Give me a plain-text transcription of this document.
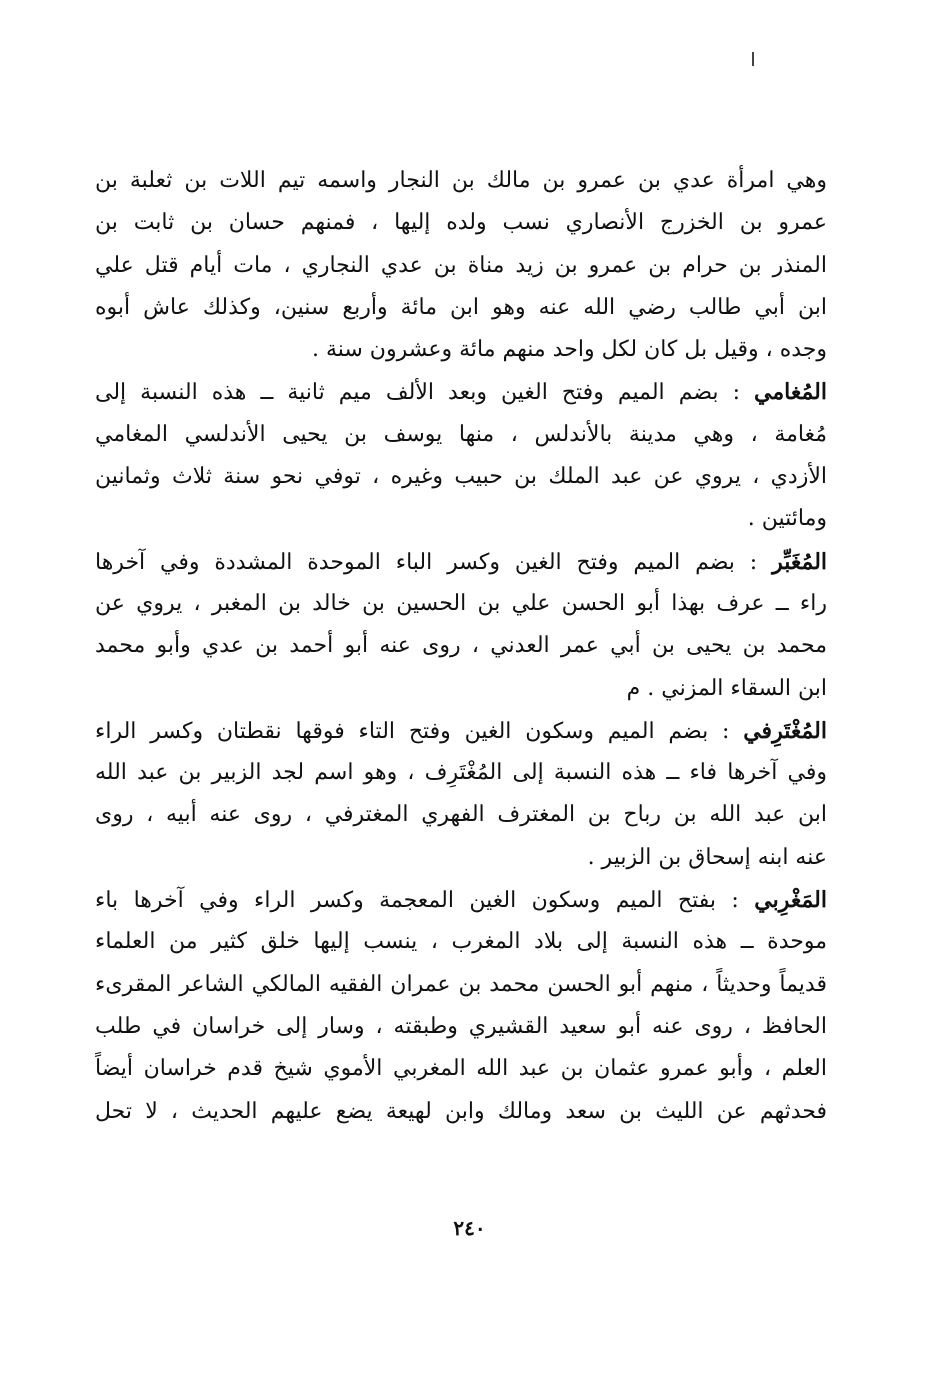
وهي امرأة عدي بن عمرو بن مالك بن النجار واسمه تيم اللات بن ثعلبة بن
عمرو بن الخزرج الأنصاري نسب ولده إليها ، فمنهم حسان بن ثابت بن
المنذر بن حرام بن عمرو بن زيد مناة بن عدي النجاري ، مات أيام قتل علي
ابن أبي طالب رضي الله عنه وهو ابن مائة وأربع سنين، وكذلك عاش أبوه
وجده ، وقيل بل كان لكل واحد منهم مائة وعشرون سنة .
المُغامي : بضم الميم وفتح الغين وبعد الألف ميم ثانية ــ هذه النسبة إلى
مُغامة ، وهي مدينة بالأندلس ، منها يوسف بن يحيى الأندلسي المغامي
الأزدي ، يروي عن عبد الملك بن حبيب وغيره ، توفي نحو سنة ثلاث وثمانين
ومائتين .
المُغَبِّر : بضم الميم وفتح الغين وكسر الباء الموحدة المشددة وفي آخرها
راء ــ عرف بهذا أبو الحسن علي بن الحسين بن خالد بن المغبر ، يروي عن
محمد بن يحيى بن أبي عمر العدني ، روى عنه أبو أحمد بن عدي وأبو محمد
ابن السقاء المزني . م
المُغْتَرِفي : بضم الميم وسكون الغين وفتح التاء فوقها نقطتان وكسر الراء
وفي آخرها فاء ــ هذه النسبة إلى المُغْتَرِف ، وهو اسم لجد الزبير بن عبد الله
ابن عبد الله بن رباح بن المغترف الفهري المغترفي ، روى عنه أبيه ، روى
عنه ابنه إسحاق بن الزبير .
المَغْرِبي : بفتح الميم وسكون الغين المعجمة وكسر الراء وفي آخرها باء
موحدة ــ هذه النسبة إلى بلاد المغرب ، ينسب إليها خلق كثير من العلماء
قديماً وحديثاً ، منهم أبو الحسن محمد بن عمران الفقيه المالكي الشاعر المقرىء
الحافظ ، روى عنه أبو سعيد القشيري وطبقته ، وسار إلى خراسان في طلب
العلم ، وأبو عمرو عثمان بن عبد الله المغربي الأموي شيخ قدم خراسان أيضاً
فحدثهم عن الليث بن سعد ومالك وابن لهيعة يضع عليهم الحديث ، لا تحل
٢٤٠
